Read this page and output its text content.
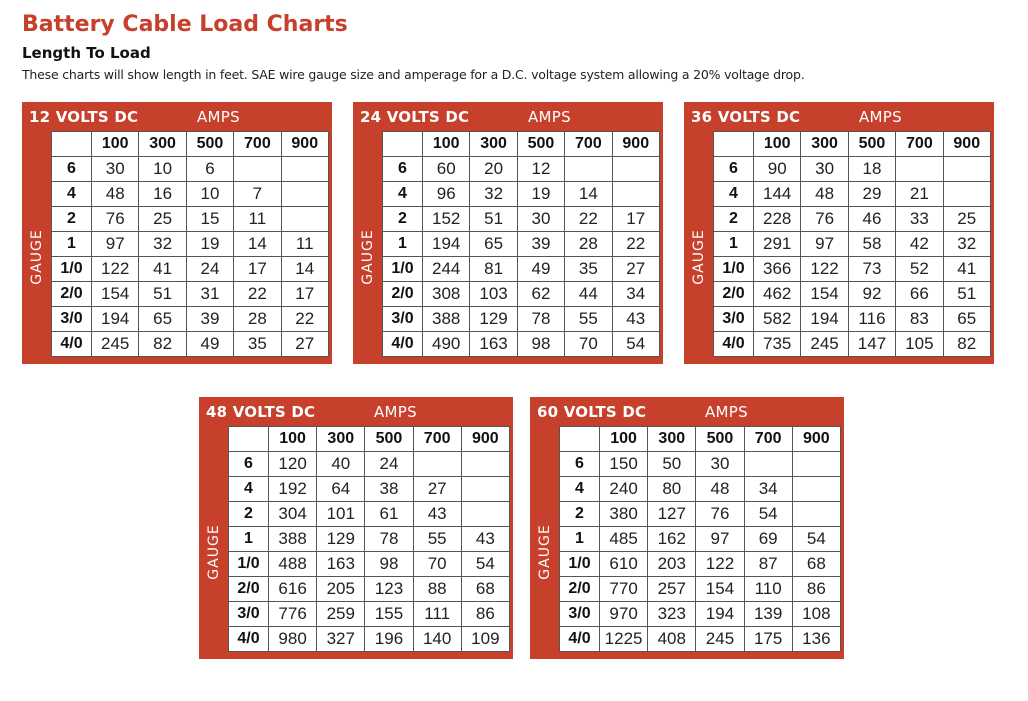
Battery Cable Load Charts
Length To Load

These charts will show length in feet. SAE wire gauge size and amperage for a D.C. voltage system allowing a 20% voltage drop.

12 VOLTS DC	AMPS
GAUGE
	100	300	500	700	900
6	30	10	6		
4	48	16	10	7	
2	76	25	15	11	
1	97	32	19	14	11
1/0	122	41	24	17	14
2/0	154	51	31	22	17
3/0	194	65	39	28	22
4/0	245	82	49	35	27
24 VOLTS DC	AMPS
GAUGE
	100	300	500	700	900
6	60	20	12		
4	96	32	19	14	
2	152	51	30	22	17
1	194	65	39	28	22
1/0	244	81	49	35	27
2/0	308	103	62	44	34
3/0	388	129	78	55	43
4/0	490	163	98	70	54
36 VOLTS DC	AMPS
GAUGE
	100	300	500	700	900
6	90	30	18		
4	144	48	29	21	
2	228	76	46	33	25
1	291	97	58	42	32
1/0	366	122	73	52	41
2/0	462	154	92	66	51
3/0	582	194	116	83	65
4/0	735	245	147	105	82
48 VOLTS DC	AMPS
GAUGE
	100	300	500	700	900
6	120	40	24		
4	192	64	38	27	
2	304	101	61	43	
1	388	129	78	55	43
1/0	488	163	98	70	54
2/0	616	205	123	88	68
3/0	776	259	155	111	86
4/0	980	327	196	140	109
60 VOLTS DC	AMPS
GAUGE
	100	300	500	700	900
6	150	50	30		
4	240	80	48	34	
2	380	127	76	54	
1	485	162	97	69	54
1/0	610	203	122	87	68
2/0	770	257	154	110	86
3/0	970	323	194	139	108
4/0	1225	408	245	175	136
